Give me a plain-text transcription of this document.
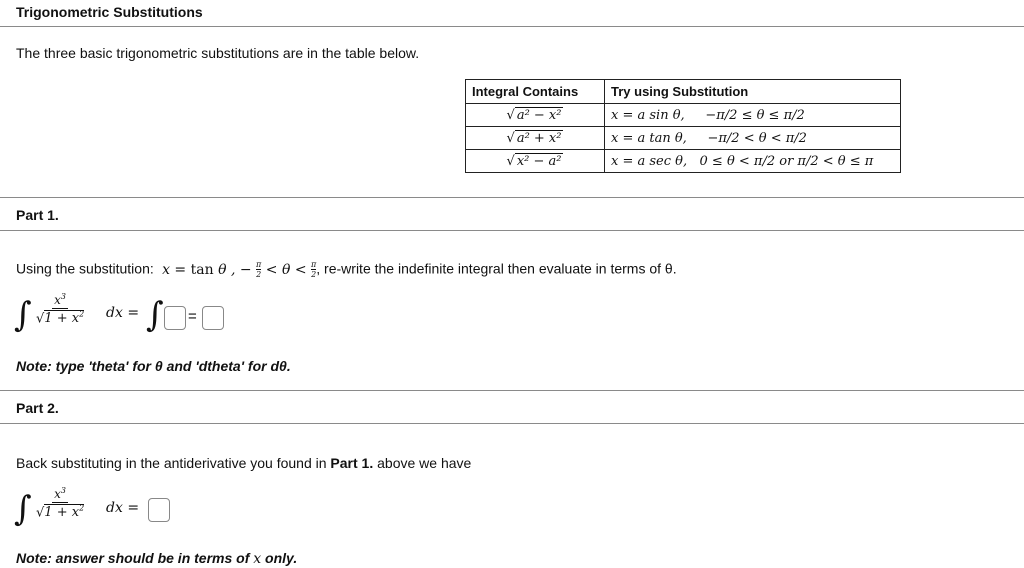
Trigonometric Substitutions
The three basic trigonometric substitutions are in the table below.
Integral Contains	Try using Substitution
√ a² − x²	x = a sin θ, −π/2 ≤ θ ≤ π/2
√ a² + x²	x = a tan θ, −π/2 < θ < π/2
√ x² − a²	x = a sec θ, 0 ≤ θ < π/2 or π/2 < θ ≤ π
Part 1.
Using the substitution:  x = tan θ , − $\frac{\pi}{2} < \theta < \frac{\pi}{2}$ , re-write the indefinite integral then evaluate in terms of θ.
∫ $\frac{x^3}{√1 + x^2}$ dx = ∫ =
Note: type 'theta' for θ and 'dtheta' for dθ.
Part 2.
Back substituting in the antiderivative you found in Part 1. above we have
∫ $\frac{x^3}{√1 + x^2}$ dx =
Note: answer should be in terms of x only.
